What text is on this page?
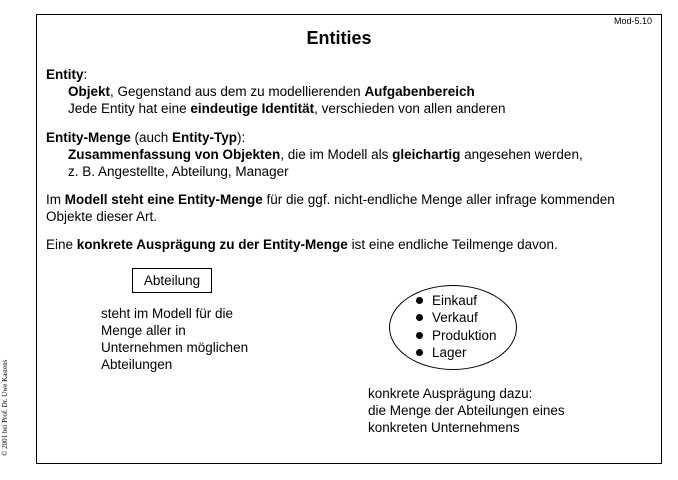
Mod-5.10
Entities
© 2001 bei Prof. Dr. Uwe Kastens
Entity:
Objekt, Gegenstand aus dem zu modellierenden Aufgabenbereich
Jede Entity hat eine eindeutige Identität, verschieden von allen anderen
Entity-Menge (auch Entity-Typ):
Zusammenfassung von Objekten, die im Modell als gleichartig angesehen werden,
z. B. Angestellte, Abteilung, Manager
Im Modell steht eine Entity-Menge für die ggf. nicht-endliche Menge aller infrage kommenden
Objekte dieser Art.
Eine konkrete Ausprägung zu der Entity-Menge ist eine endliche Teilmenge davon.
Abteilung
steht im Modell für die
Menge aller in
Unternehmen möglichen
Abteilungen
Einkauf
Verkauf
Produktion
Lager
konkrete Ausprägung dazu:
die Menge der Abteilungen eines
konkreten Unternehmens
